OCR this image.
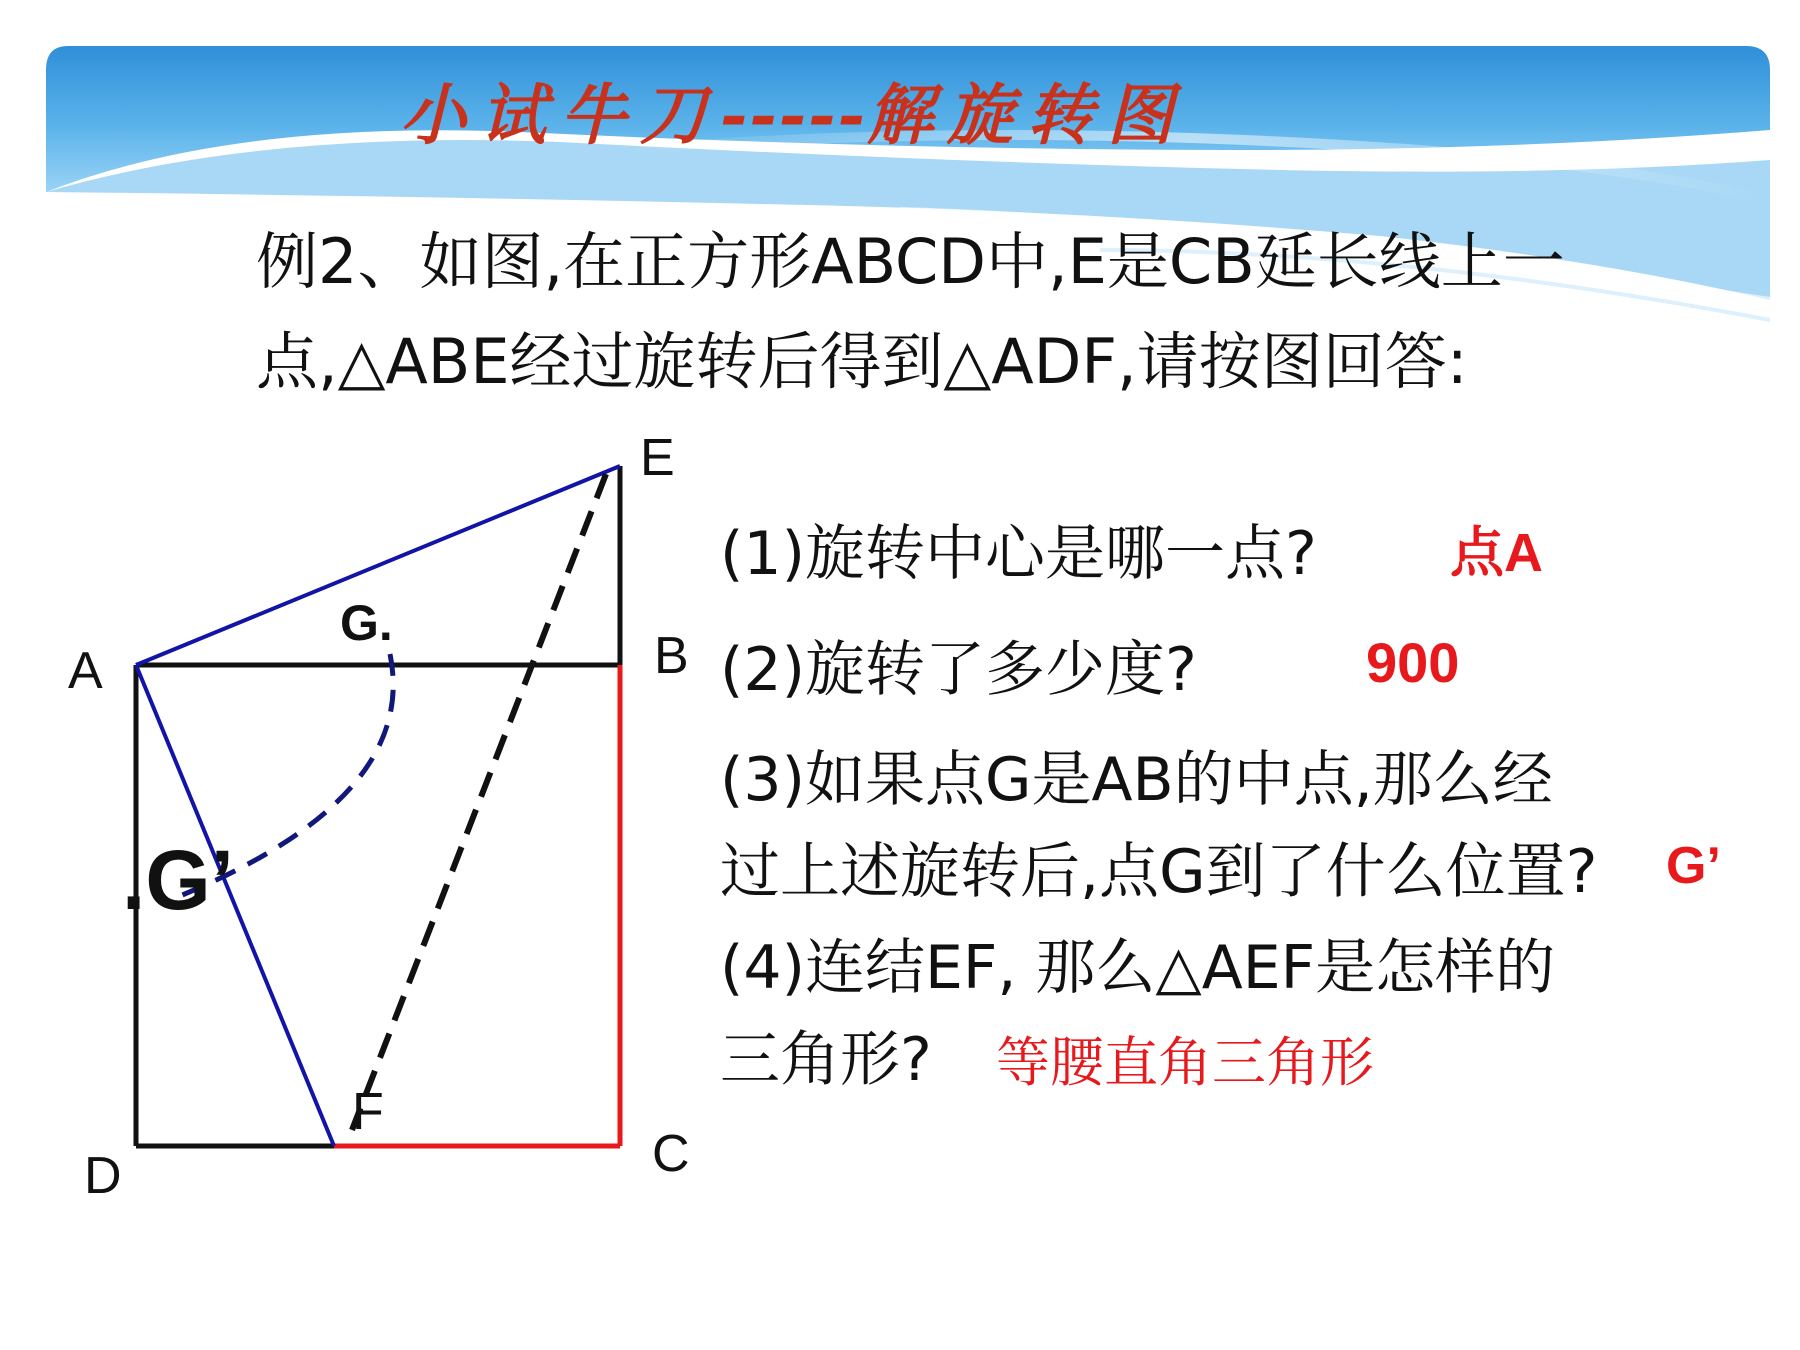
小试牛刀-----解旋转图
例2、如图,在正方形ABCD中,E是CB延长线上一
点,△ABE经过旋转后得到△ADF,请按图回答:
E
B
A
D	C
F
G.
.G’
(1)旋转中心是哪一点? 点A
(2)旋转了多少度?	900
(3)如果点G是AB的中点,那么经
过上述旋转后,点G到了什么位置? G’
(4)连结EF, 那么△AEF是怎样的
三角形? 等腰直角三角形
